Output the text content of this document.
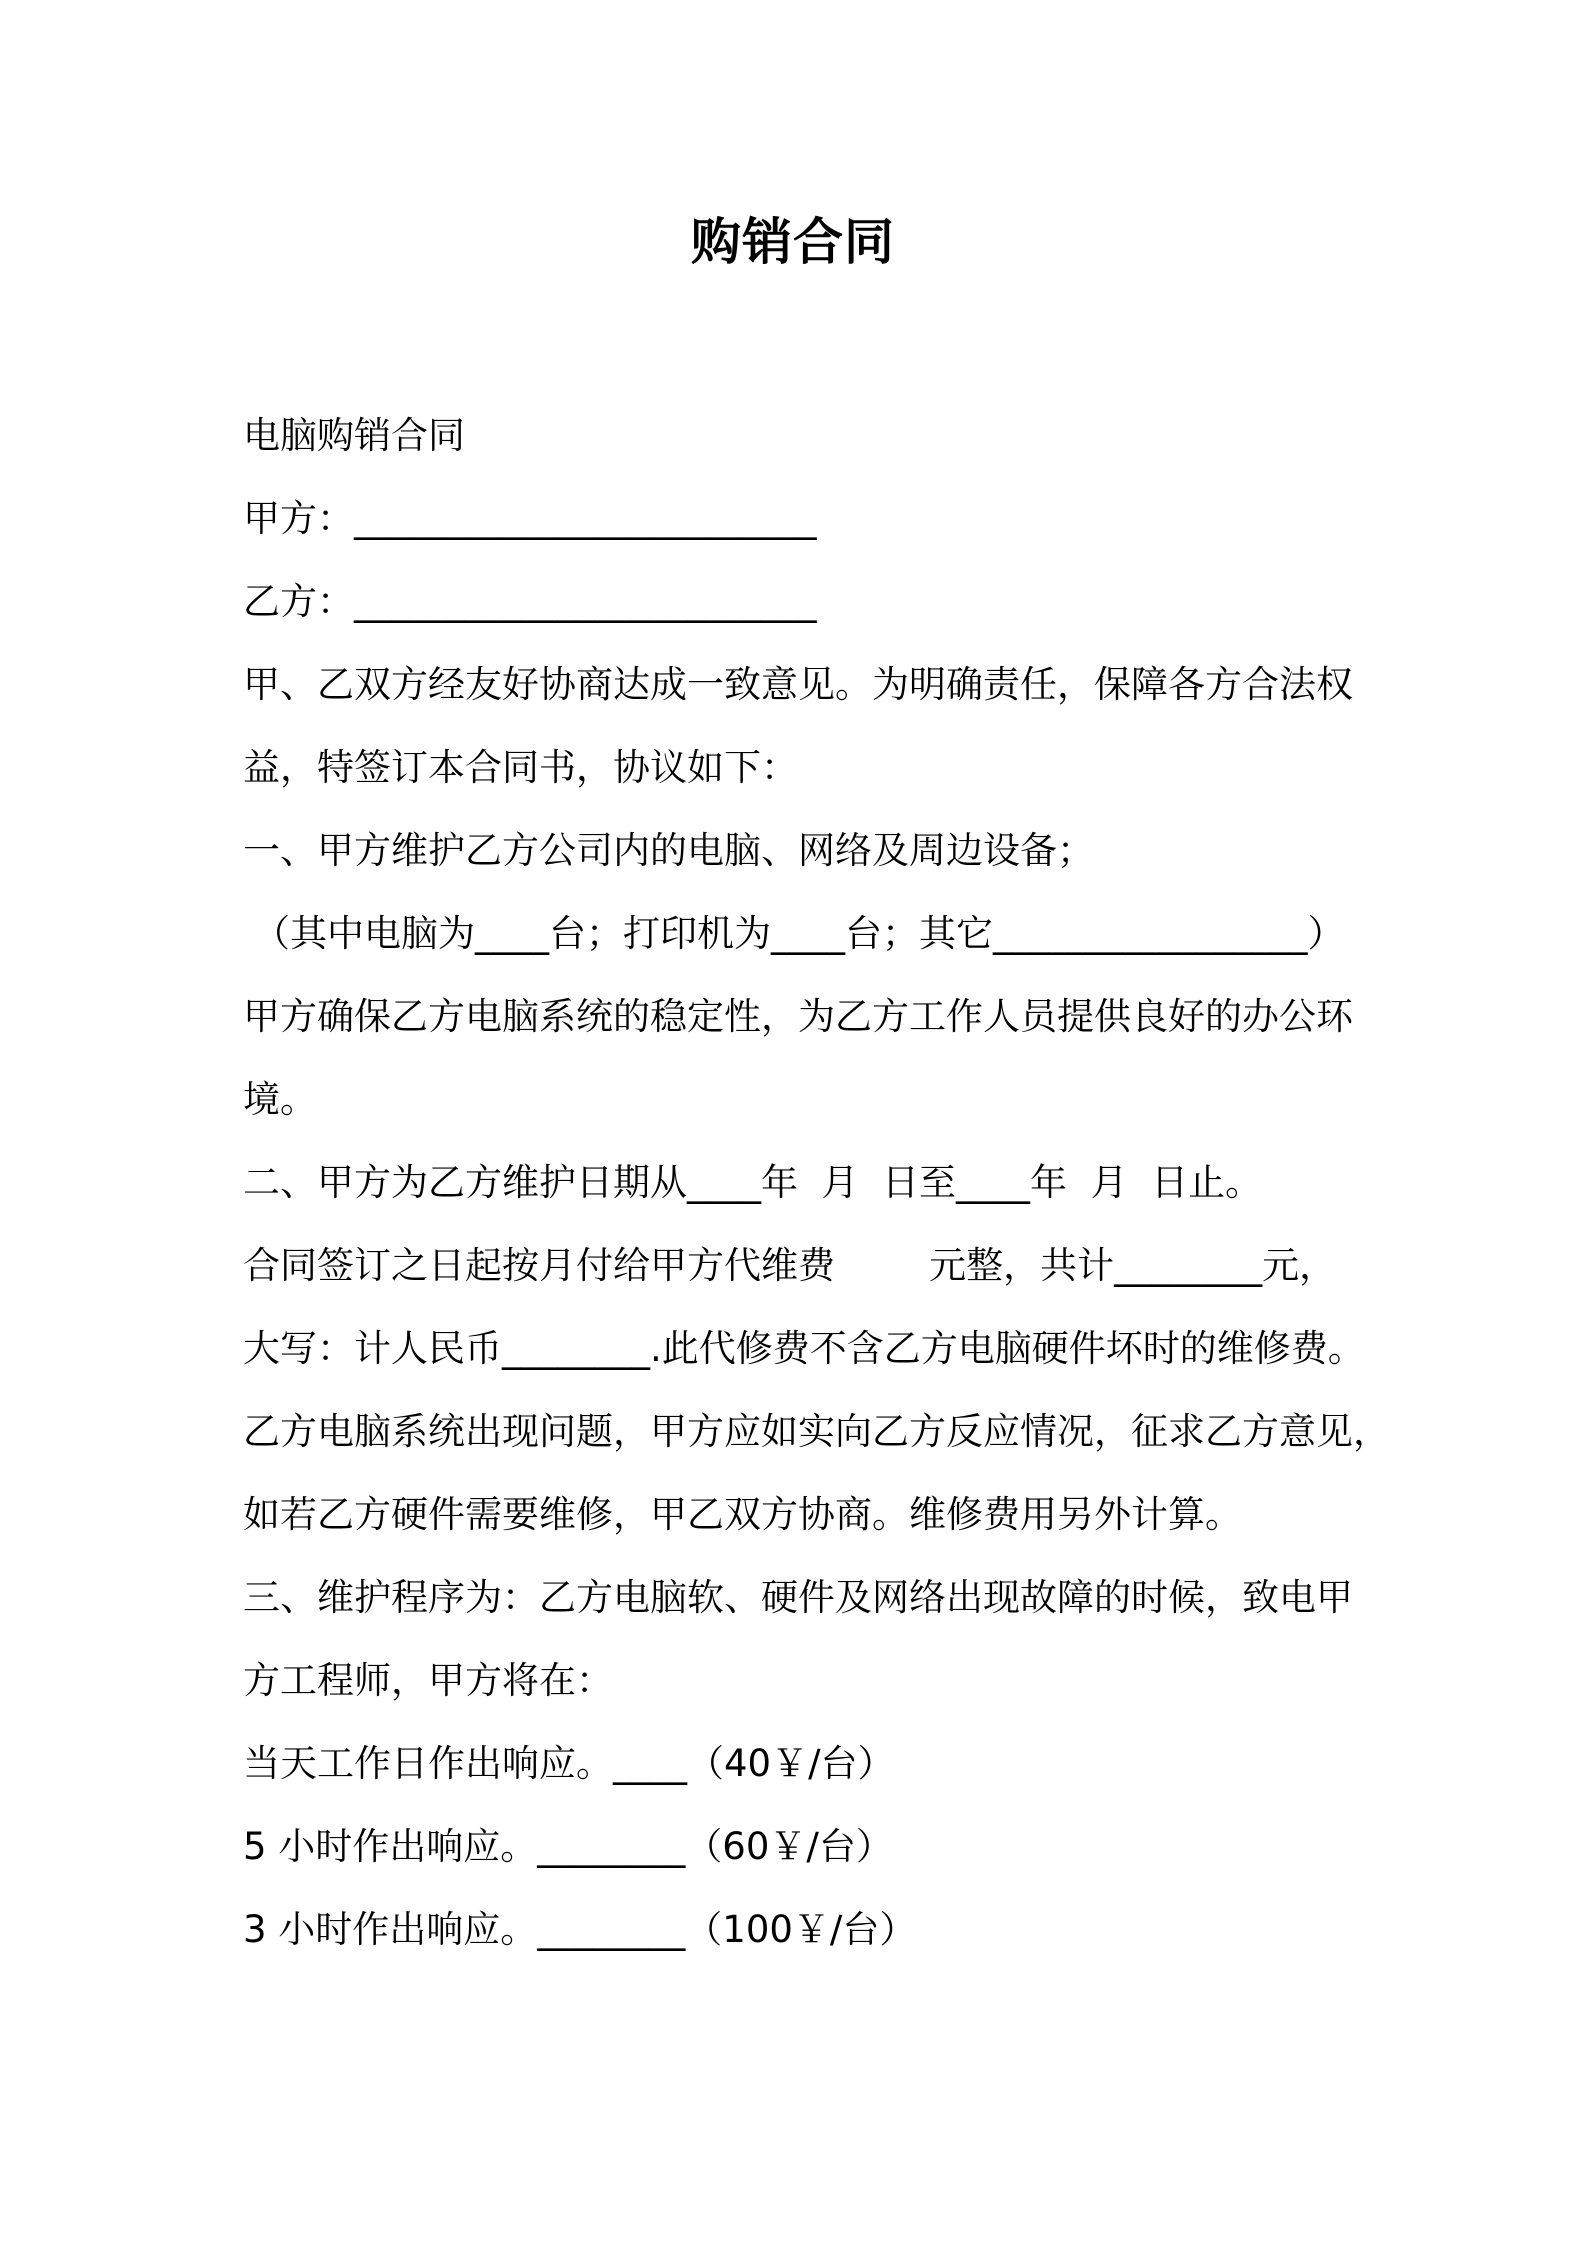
购销合同
电脑购销合同
甲方：_________________________
乙方：_________________________
甲、乙双方经友好协商达成一致意见。为明确责任，保障各方合法权
益，特签订本合同书，协议如下：
一、甲方维护乙方公司内的电脑、网络及周边设备；
（其中电脑为____台；打印机为____台；其它_________________）
甲方确保乙方电脑系统的稳定性，为乙方工作人员提供良好的办公环
境。
二、甲方为乙方维护日期从____年  月  日至____年  月  日止。
合同签订之日起按月付给甲方代维费        元整，共计________元，
大写：计人民币________.此代修费不含乙方电脑硬件坏时的维修费。
乙方电脑系统出现问题，甲方应如实向乙方反应情况，征求乙方意见，
如若乙方硬件需要维修，甲乙双方协商。维修费用另外计算。
三、维护程序为：乙方电脑软、硬件及网络出现故障的时候，致电甲
方工程师，甲方将在：
当天工作日作出响应。____（40￥/台）
5 小时作出响应。________（60￥/台）
3 小时作出响应。________（100￥/台）
